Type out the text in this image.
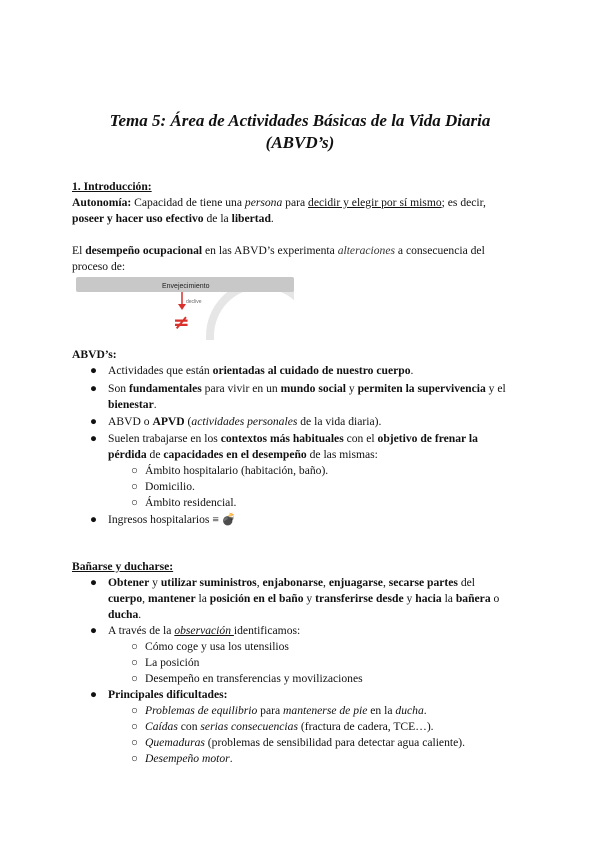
Tema 5: Área de Actividades Básicas de la Vida Diaria
(ABVD’s)
1. Introducción:
Autonomía: Capacidad de tiene una persona para decidir y elegir por sí mismo; es decir,
poseer y hacer uso efectivo de la libertad.
El desempeño ocupacional en las ABVD’s experimenta alteraciones a consecuencia del
proceso de:
Envejecimiento
declive
≠
ABVD’s:
● Actividades que están orientadas al cuidado de nuestro cuerpo.
● Son fundamentales para vivir en un mundo social y permiten la supervivencia y el
bienestar.
● ABVD o APVD (actividades personales de la vida diaria).
● Suelen trabajarse en los contextos más habituales con el objetivo de frenar la
pérdida de capacidades en el desempeño de las mismas:
○ Ámbito hospitalario (habitación, baño).
○ Domicilio.
○ Ámbito residencial.
● Ingresos hospitalarios ≡ 💣
Bañarse y ducharse:
● Obtener y utilizar suministros, enjabonarse, enjuagarse, secarse partes del
cuerpo, mantener la posición en el baño y transferirse desde y hacia la bañera o
ducha.
● A través de la observación identificamos:
○ Cómo coge y usa los utensilios
○ La posición
○ Desempeño en transferencias y movilizaciones
● Principales dificultades:
○ Problemas de equilibrio para mantenerse de pie en la ducha.
○ Caídas con serias consecuencias (fractura de cadera, TCE…).
○ Quemaduras (problemas de sensibilidad para detectar agua caliente).
○ Desempeño motor.
